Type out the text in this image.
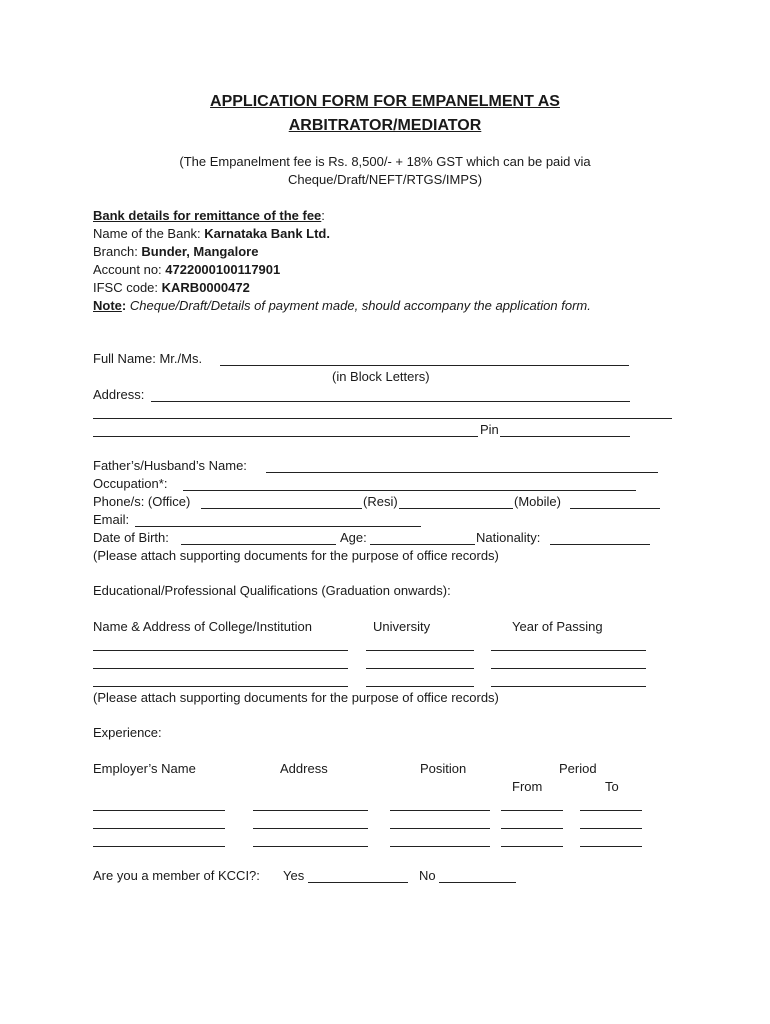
APPLICATION FORM FOR EMPANELMENT AS
ARBITRATOR/MEDIATOR
(The Empanelment fee is Rs. 8,500/- + 18% GST which can be paid via
Cheque/Draft/NEFT/RTGS/IMPS)
Bank details for remittance of the fee:
Name of the Bank: Karnataka Bank Ltd.
Branch: Bunder, Mangalore
Account no: 4722000100117901
IFSC code: KARB0000472
Note: Cheque/Draft/Details of payment made, should accompany the application form.
Full Name: Mr./Ms.
(in Block Letters)
Address:
Pin
Father’s/Husband’s Name:
Occupation*:
Phone/s: (Office)	(Resi)	(Mobile)
Email:
Date of Birth:	Age:	Nationality:
(Please attach supporting documents for the purpose of office records)
Educational/Professional Qualifications (Graduation onwards):
Name & Address of College/Institution	University	Year of Passing
(Please attach supporting documents for the purpose of office records)
Experience:
Employer’s Name	Address	Position	Period
From	To
Are you a member of KCCI?: Yes	No
